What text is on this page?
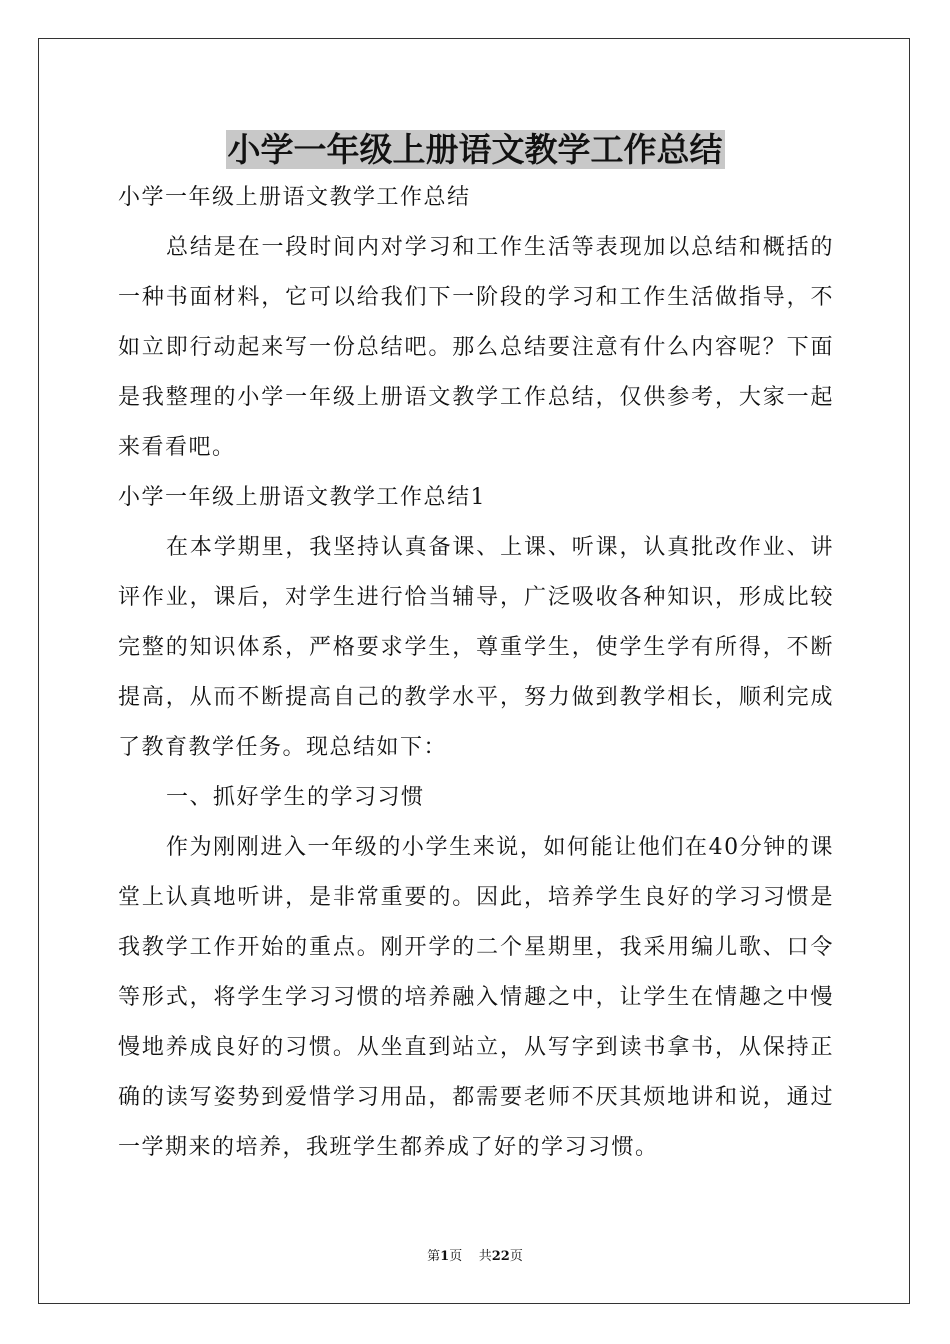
小学一年级上册语文教学工作总结

小学一年级上册语文教学工作总结

总结是在一段时间内对学习和工作生活等表现加以总结和概括的一种书面材料，它可以给我们下一阶段的学习和工作生活做指导，不如立即行动起来写一份总结吧。那么总结要注意有什么内容呢？下面是我整理的小学一年级上册语文教学工作总结，仅供参考，大家一起来看看吧。

小学一年级上册语文教学工作总结1

在本学期里，我坚持认真备课、上课、听课，认真批改作业、讲评作业，课后，对学生进行恰当辅导，广泛吸收各种知识，形成比较完整的知识体系，严格要求学生，尊重学生，使学生学有所得，不断提高，从而不断提高自己的教学水平，努力做到教学相长，顺利完成了教育教学任务。现总结如下：

一、抓好学生的学习习惯

作为刚刚进入一年级的小学生来说，如何能让他们在40分钟的课堂上认真地听讲，是非常重要的。因此，培养学生良好的学习习惯是我教学工作开始的重点。刚开学的二个星期里，我采用编儿歌、口令等形式，将学生学习习惯的培养融入情趣之中，让学生在情趣之中慢慢地养成良好的习惯。从坐直到站立，从写字到读书拿书，从保持正确的读写姿势到爱惜学习用品，都需要老师不厌其烦地讲和说，通过一学期来的培养，我班学生都养成了好的学习习惯。

第1页 共22页
